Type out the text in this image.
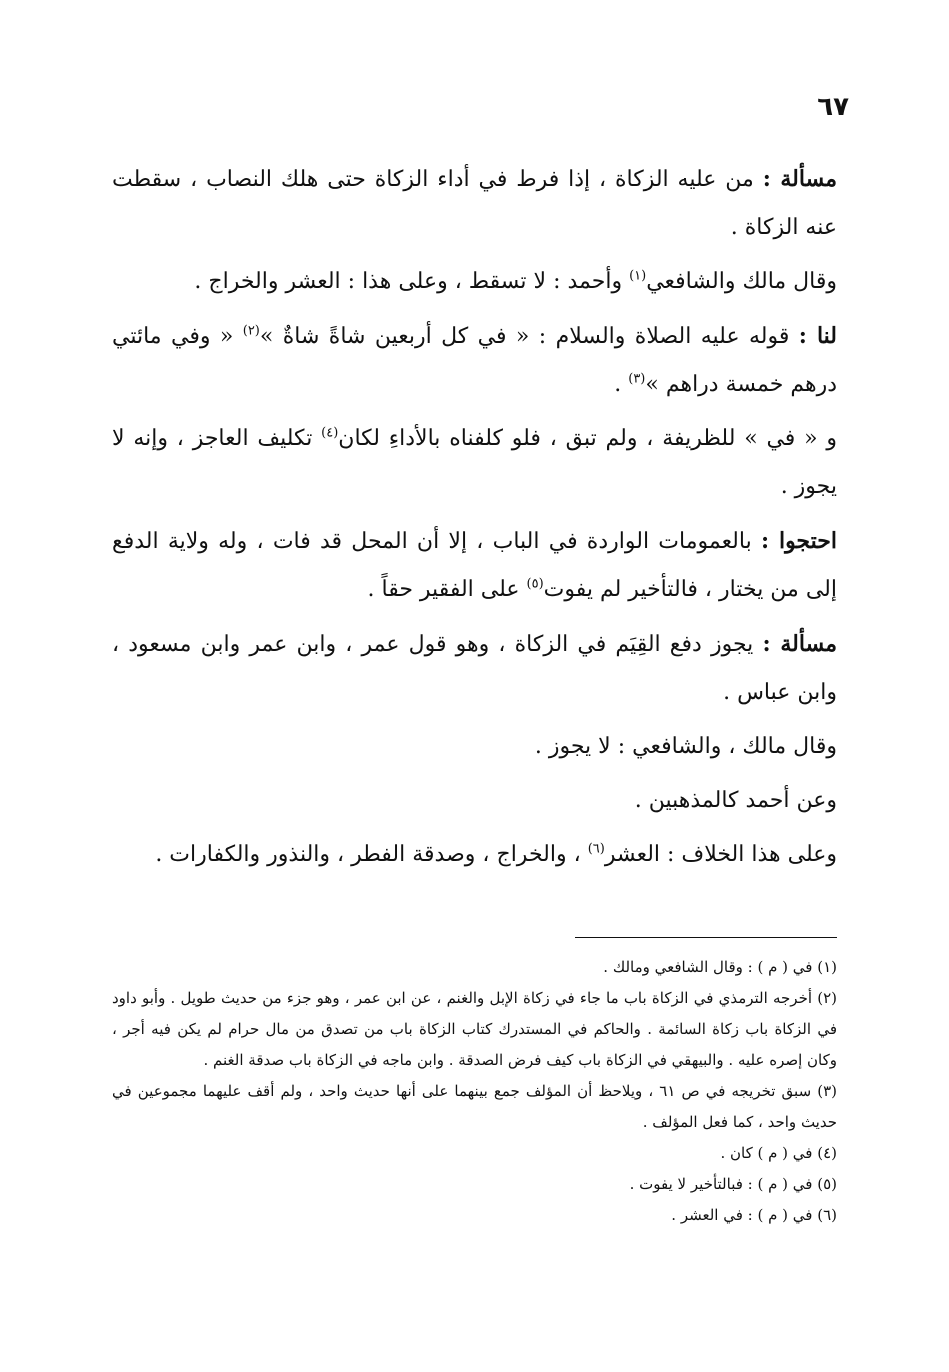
٦٧

مسألة : من عليه الزكاة ، إذا فرط في أداء الزكاة حتى هلك النصاب ، سقطت عنه الزكاة .

وقال مالك والشافعي$^{(١)}$ وأحمد : لا تسقط ، وعلى هذا : العشر والخراج .

لنا : قوله عليه الصلاة والسلام : « في كل أربعين شاةً شاةٌ »$^{(٢)}$ « وفي مائتي درهم خمسة دراهم »$^{(٣)}$ .

و « في » للظريفة ، ولم تبق ، فلو كلفناه بالأداءِ لكان$^{(٤)}$ تكليف العاجز ، وإنه لا يجوز .

احتجوا : بالعمومات الواردة في الباب ، إلا أن المحل قد فات ، وله ولاية الدفع إلى من يختار ، فالتأخير لم يفوت$^{(٥)}$ على الفقير حقاً .

مسألة : يجوز دفع القِيَم في الزكاة ، وهو قول عمر ، وابن عمر وابن مسعود ، وابن عباس .

وقال مالك ، والشافعي : لا يجوز .

وعن أحمد كالمذهبين .

وعلى هذا الخلاف : العشر$^{(٦)}$ ، والخراج ، وصدقة الفطر ، والنذور والكفارات .

(١) في ( م ) : وقال الشافعي ومالك .

(٢) أخرجه الترمذي في الزكاة باب ما جاء في زكاة الإبل والغنم ، عن ابن عمر ، وهو جزء من حديث طويل . وأبو داود في الزكاة باب زكاة السائمة . والحاكم في المستدرك كتاب الزكاة باب من تصدق من مال حرام لم يكن فيه أجر ، وكان إصره عليه . والبيهقي في الزكاة باب كيف فرض الصدقة . وابن ماجه في الزكاة باب صدقة الغنم .

(٣) سبق تخريجه في ص ٦١ ، ويلاحظ أن المؤلف جمع بينهما على أنها حديث واحد ، ولم أقف عليهما مجموعين في حديث واحد ، كما فعل المؤلف .

(٤) في ( م ) كان .

(٥) في ( م ) : فبالتأخير لا يفوت .

(٦) في ( م ) : في العشر .
